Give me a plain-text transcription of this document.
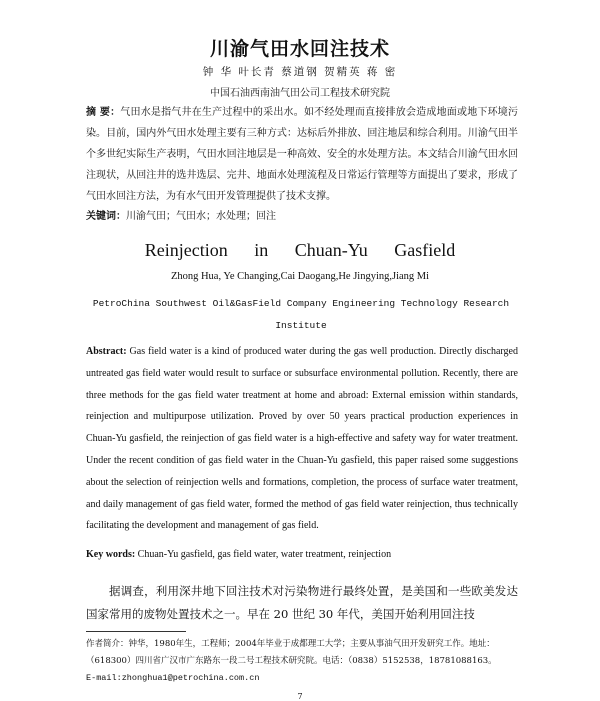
川渝气田水回注技术
钟 华 叶长青 蔡道钢 贺精英 蒋 密
中国石油西南油气田公司工程技术研究院
摘 要：气田水是指气井在生产过程中的采出水。如不经处理而直接排放会造成地面或地下环境污染。目前，国内外气田水处理主要有三种方式：达标后外排放、回注地层和综合利用。川渝气田半个多世纪实际生产表明，气田水回注地层是一种高效、安全的水处理方法。本文结合川渝气田水回注现状，从回注井的选井选层、完井、地面水处理流程及日常运行管理等方面提出了要求，形成了气田水回注方法，为有水气田开发管理提供了技术支撑。
关键词：川渝气田；气田水；水处理；回注
Reinjection in Chuan-Yu Gasfield
Zhong Hua, Ye Changing,Cai Daogang,He Jingying,Jiang Mi
PetroChina Southwest Oil&GasField Company Engineering Technology Research Institute
Abstract: Gas field water is a kind of produced water during the gas well production. Directly discharged untreated gas field water would result to surface or subsurface environmental pollution. Recently, there are three methods for the gas field water treatment at home and abroad: External emission within standards, reinjection and multipurpose utilization. Proved by over 50 years practical production experiences in Chuan-Yu gasfield, the reinjection of gas field water is a high-effective and safety way for water treatment. Under the recent condition of gas field water in the Chuan-Yu gasfield, this paper raised some suggestions about the selection of reinjection wells and formations, completion, the process of surface water treatment, and daily management of gas field water, formed the method of gas field water reinjection, thus technically facilitating the development and management of gas field.
Key words: Chuan-Yu gasfield, gas field water, water treatment, reinjection
据调查，利用深井地下回注技术对污染物进行最终处置，是美国和一些欧美发达国家常用的废物处置技术之一。早在 20 世纪 30 年代，美国开始利用回注技
作者简介：钟华，1980年生，工程师；2004年毕业于成都理工大学；主要从事油气田开发研究工作。地址：（618300）四川省广汉市广东路东一段二号工程技术研究院。电话：（0838）5152538，18781088163。
E-mail:zhonghua1@petrochina.com.cn
7
